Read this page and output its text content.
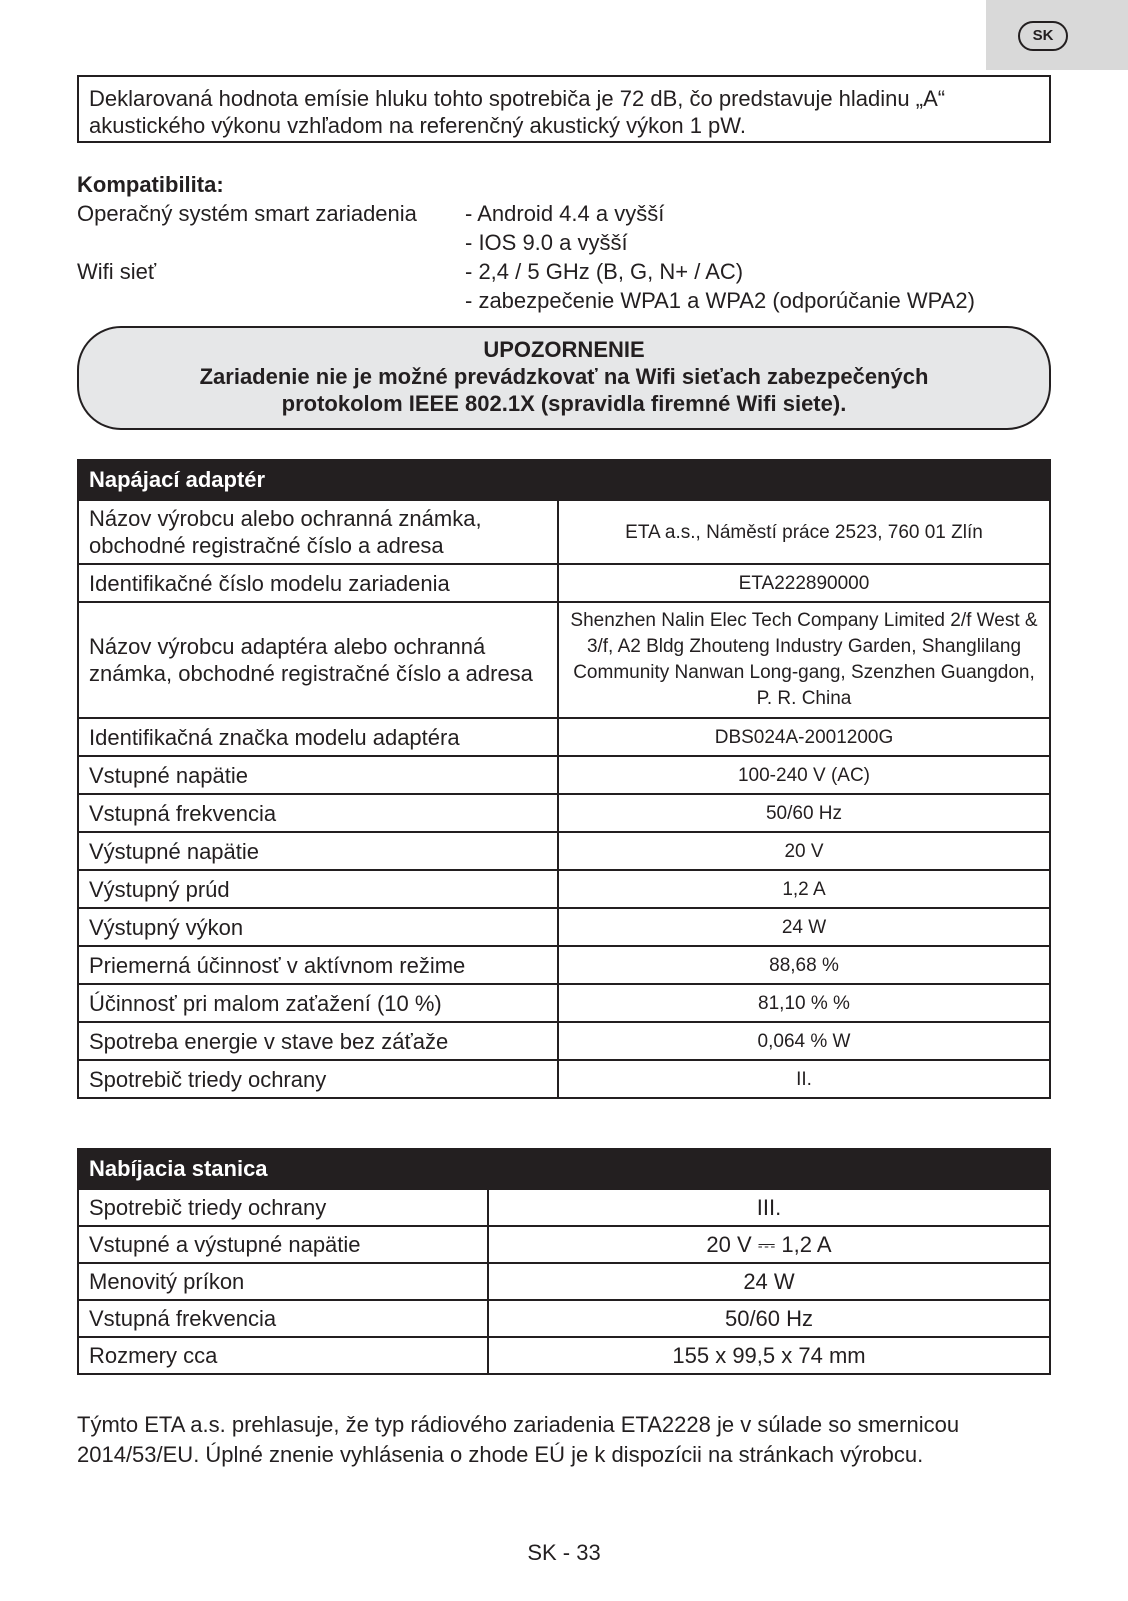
SK
Deklarovaná hodnota emísie hluku tohto spotrebiča je 72 dB, čo predstavuje hladinu „A“ akustického výkonu vzhľadom na referenčný akustický výkon 1 pW.
Kompatibilita:
Operačný systém smart zariadenia	- Android 4.4 a vyšší
- IOS 9.0 a vyšší
Wifi sieť	- 2,4 / 5 GHz (B, G, N+ / AC)
- zabezpečenie WPA1 a WPA2 (odporúčanie WPA2)
UPOZORNENIE
Zariadenie nie je možné prevádzkovať na Wifi sieťach zabezpečených
protokolom IEEE 802.1X (spravidla firemné Wifi siete).
Napájací adaptér	
Názov výrobcu alebo ochranná známka, obchodné registračné číslo a adresa	ETA a.s., Náměstí práce 2523, 760 01 Zlín
Identifikačné číslo modelu zariadenia	ETA222890000
Názov výrobcu adaptéra alebo ochranná známka, obchodné registračné číslo a adresa	Shenzhen Nalin Elec Tech Company Limited 2/f West & 3/f, A2 Bldg Zhouteng Industry Garden, Shanglilang Community Nanwan Long-gang, Szenzhen Guangdon, P. R. China
Identifikačná značka modelu adaptéra	DBS024A-2001200G
Vstupné napätie	100-240 V (AC)
Vstupná frekvencia	50/60 Hz
Výstupné napätie	20 V
Výstupný prúd	1,2 A
Výstupný výkon	24 W
Priemerná účinnosť v aktívnom režime	88,68 %
Účinnosť pri malom zaťažení (10 %)	81,10 % %
Spotreba energie v stave bez záťaže	0,064 % W
Spotrebič triedy ochrany	II.
Nabíjacia stanica	
Spotrebič triedy ochrany	III.
Vstupné a výstupné napätie	20 V ⎓ 1,2 A
Menovitý príkon	24 W
Vstupná frekvencia	50/60 Hz
Rozmery cca	155 x 99,5 x 74 mm
Týmto ETA a.s. prehlasuje, že typ rádiového zariadenia ETA2228 je v súlade so smernicou 2014/53/EU. Úplné znenie vyhlásenia o zhode EÚ je k dispozícii na stránkach výrobcu.
SK - 33
